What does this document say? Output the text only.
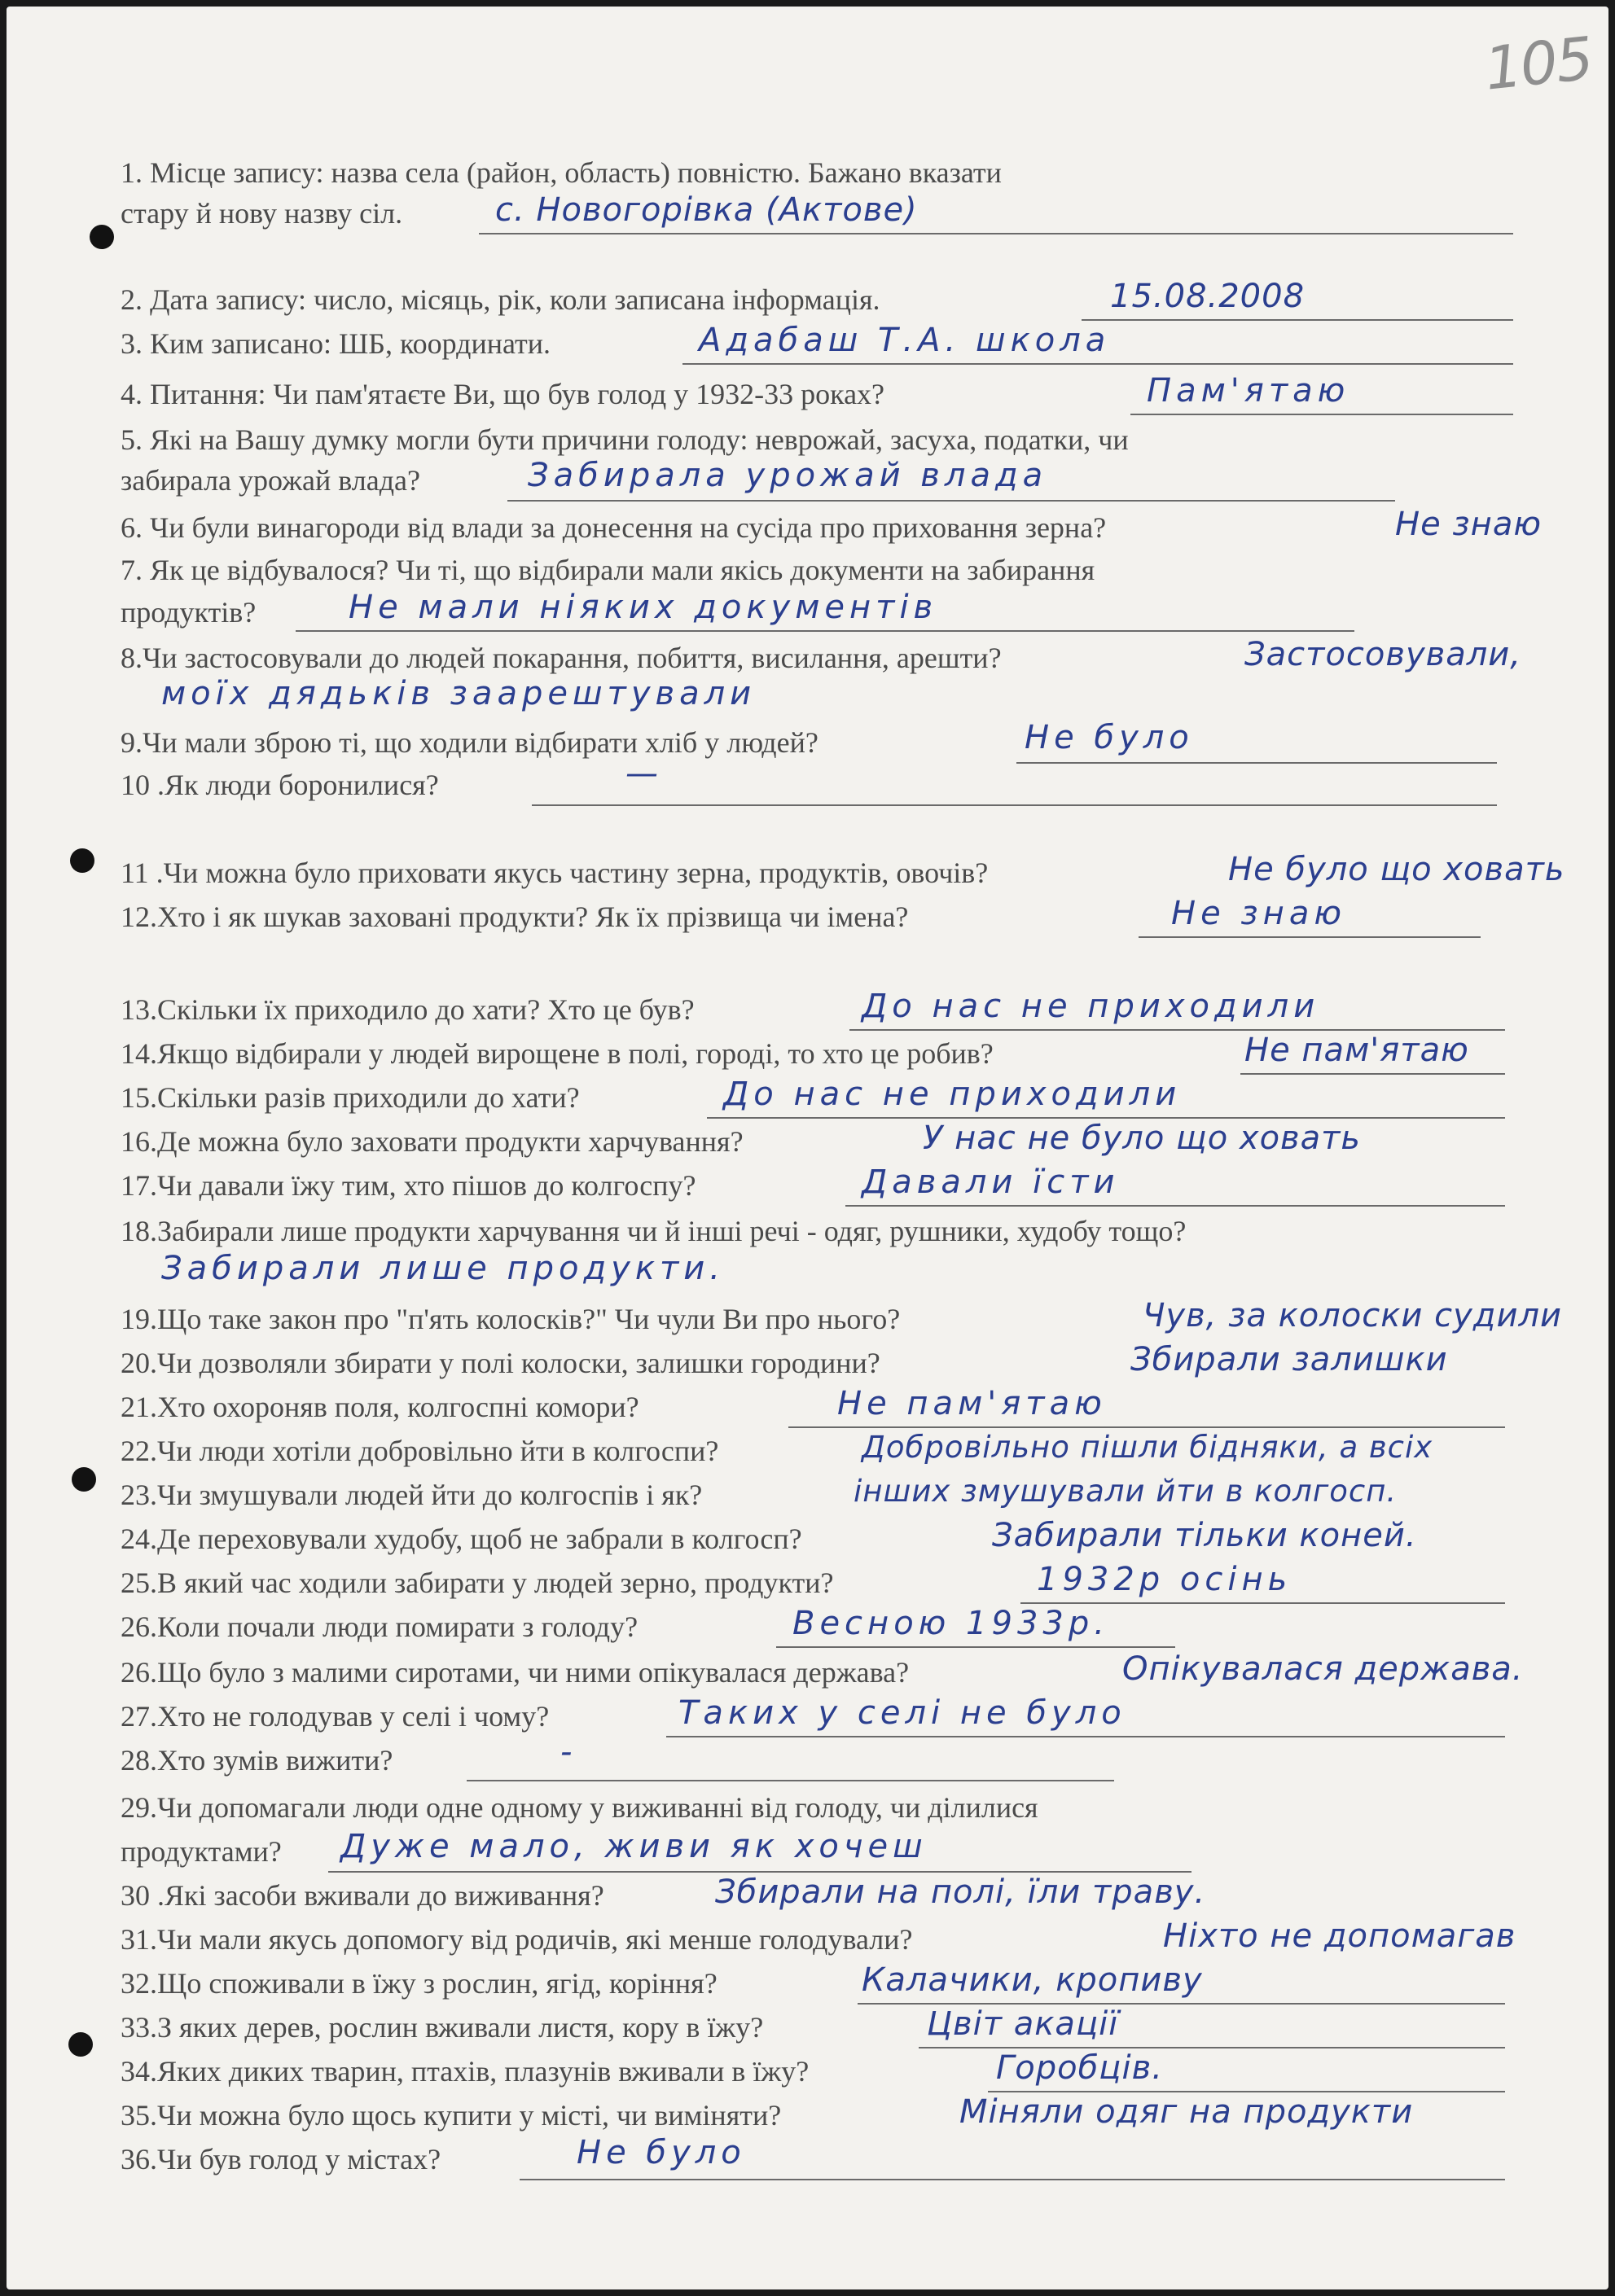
105
1. Місце запису: назва села (район, область) повністю. Бажано вказати
стару й нову назву сіл.	с. Новогорівка (Актове)
2. Дата запису: число, місяць, рік, коли записана інформація.	15.08.2008
3. Ким записано: ШБ, координати.	Адабаш Т.А. школа
4. Питання: Чи пам'ятаєте Ви, що був голод у 1932-33 роках?	Пам'ятаю
5. Які на Вашу думку могли бути причини голоду: неврожай, засуха, податки, чи
забирала урожай влада?	Забирала урожай влада
6. Чи були винагороди від влади за донесення на сусіда про приховання зерна?	Не знаю
7. Як це відбувалося? Чи ті, що відбирали мали якісь документи на забирання
продуктів?	Не мали ніяких документів
8.Чи застосовували до людей покарання, побиття, висилання, арешти?	Застосовували,
моїх дядьків заарештували
9.Чи мали зброю ті, що ходили відбирати хліб у людей?	Не було
10 .Як люди боронилися?	—
11 .Чи можна було приховати якусь частину зерна, продуктів, овочів?	Не було що ховать
12.Хто і як шукав заховані продукти? Як їх прізвища чи імена?	Не знаю
13.Скільки їх приходило до хати? Хто це був?	До нас не приходили
14.Якщо відбирали у людей вирощене в полі, городі, то хто це робив?	Не пам'ятаю
15.Скільки разів приходили до хати?	До нас не приходили
16.Де можна було заховати продукти харчування?	У нас не було що ховать
17.Чи давали їжу тим, хто пішов до колгоспу?	Давали їсти
18.Забирали лише продукти харчування чи й інші речі - одяг, рушники, худобу тощо?
Забирали лише продукти.
19.Що таке закон про "п'ять колосків?" Чи чули Ви про нього?	Чув, за колоски судили
20.Чи дозволяли збирати у полі колоски, залишки городини?	Збирали залишки
21.Хто охороняв поля, колгоспні комори?	Не пам'ятаю
22.Чи люди хотіли добровільно йти в колгоспи?	Добровільно пішли бідняки, а всіх
23.Чи змушували людей йти до колгоспів і як?	інших змушували йти в колгосп.
24.Де переховували худобу, щоб не забрали в колгосп?	Забирали тільки коней.
25.В який час ходили забирати у людей зерно, продукти?	1932р осінь
26.Коли почали люди помирати з голоду?	Весною 1933р.
26.Що було з малими сиротами, чи ними опікувалася держава?	Опікувалася держава.
27.Хто не голодував у селі і чому?	Таких у селі не було
28.Хто зумів вижити?	-
29.Чи допомагали люди одне одному у виживанні від голоду, чи ділилися
продуктами? Дуже мало, живи як хочеш
30 .Які засоби вживали до виживання?	Збирали на полі, їли траву.
31.Чи мали якусь допомогу від родичів, які менше голодували?	Ніхто не допомагав
32.Що споживали в їжу з рослин, ягід, коріння?	Калачики, кропиву
33.З яких дерев, рослин вживали листя, кору в їжу?	Цвіт акації
34.Яких диких тварин, птахів, плазунів вживали в їжу?	Горобців.
35.Чи можна було щось купити у місті, чи виміняти?	Міняли одяг на продукти
36.Чи був голод у містах?	Не було
